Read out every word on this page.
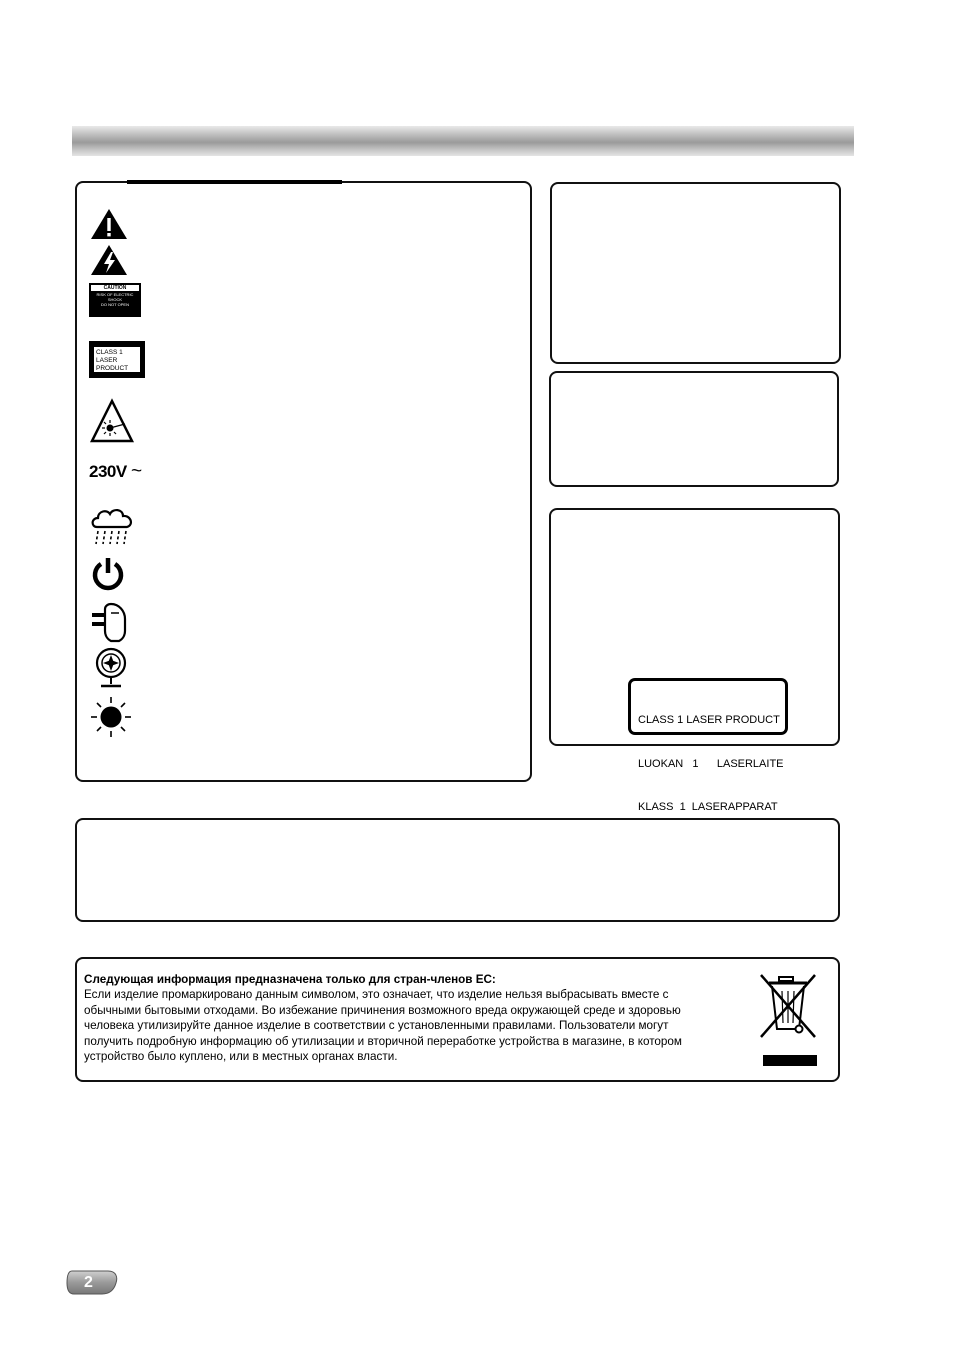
CAUTION
RISK OF ELECTRIC
SHOCK
DO NOT OPEN
CLASS 1
LASER PRODUCT
230V ~

CLASS 1 LASER PRODUCT

LUOKAN   1      LASERLAITE

KLASS  1  LASERAPPARAT

Следующая информация предназначена только для стран-членов ЕС:
Если изделие промаркировано данным символом, это означает, что изделие нельзя выбрасывать вместе с
обычными бытовыми отходами. Во избежание причинения возможного вреда окружающей среде и здоровью
человека утилизируйте данное изделие в соответствии с установленными правилами. Пользователи могут
получить подробную информацию об утилизации и вторичной переработке устройства в магазине, в котором
устройство было куплено, или в местных органах власти.
2
